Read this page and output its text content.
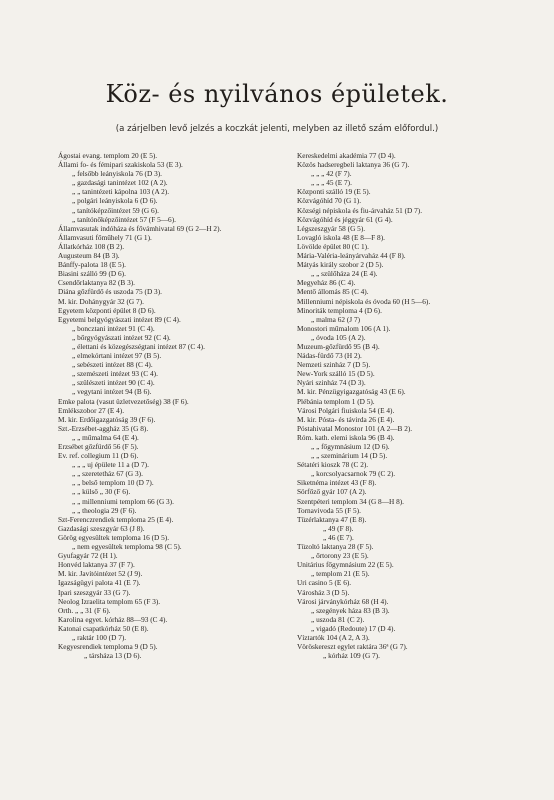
Köz- és nyilvános épületek.
(a zárjelben levő jelzés a koczkát jelenti, melyben az illető szám előfordul.)
Ágostai evang. templom 20 (E 5).
Állami fo- és fémipari szakiskola 53 (E 3).
„ felsőbb leányiskola 76 (D 3).
„ gazdasági tanintézet 102 (A 2).
„ „ tanintézeti kápolna 103 (A 2).
„ polgári leányiskola 6 (D 6).
„ tanítóképzőintézet 59 (G 6).
„ tanítónőképzőintézet 57 (F 5—6).
Államvasutak indóháza és fővámhivatal 69 (G 2—H 2).
Államvasuti főműhely 71 (G 1).
Állatkórház 108 (B 2).
Augusteum 84 (B 3).
Bánffy-palota 18 (E 5).
Biasini szálló 99 (D 6).
Csendőrlaktanya 82 (B 3).
Diána gőzfürdő és uszoda 75 (D 3).
M. kir. Dohánygyár 32 (G 7).
Egyetem központi épület 8 (D 6).
Egyetemi belgyógyászati intézet 89 (C 4).
„ boncztani intézet 91 (C 4).
„ bőrgyógyászati intézet 92 (C 4).
„ élettani és közegészségtani intézet 87 (C 4).
„ elmekórtani intézet 97 (B 5).
„ sebészeti intézet 88 (C 4).
„ szemészeti intézet 93 (C 4).
„ szülészeti intézet 90 (C 4).
„ vegytani intézet 94 (B 6).
Emke palota (vasut üzletvezetőség) 38 (F 6).
Emlékszobor 27 (E 4).
M. kir. Erdőigazgatóság 39 (F 6).
Szt.-Erzsébet-aggház 35 (G 8).
„ „ műmalma 64 (E 4).
Erzsébet gőzfürdő 56 (F 5).
Ev. ref. collegium 11 (D 6).
„ „ „ uj épülete 11 a (D 7).
„ „ szeretetház 67 (G 3).
„ „ belső templom 10 (D 7).
„ „ külső „ 30 (F 6).
„ „ millenniumi templom 66 (G 3).
„ „ theologia 29 (F 6).
Szt-Ferenczrendiek temploma 25 (E 4).
Gazdasági szeszgyár 63 (J 8).
Görög egyesültek temploma 16 (D 5).
„ nem egyesültek temploma 98 (C 5).
Gyufagyár 72 (H 1).
Honvéd laktanya 37 (F 7).
M. kir. Javítóintézet 52 (J 9).
Igazságügyi palota 41 (E 7).
Ipari szeszgyár 33 (G 7).
Neolog Izraelita templom 65 (F 3).
Orth. „ „ 31 (F 6).
Karolina egyet. kórház 88—93 (C 4).
Katonai csapatkórház 50 (E 8).
„ raktár 100 (D 7).
Kegyesrendiek temploma 9 (D 5).
„ társháza 13 (D 6).
Kereskedelmi akadémia 77 (D 4).
Közös hadseregbeli laktanya 36 (G 7).
„ „ „ 42 (F 7).
„ „ „ 45 (E 7).
Központi szálló 19 (E 5).
Közvágóhíd 70 (G 1).
Községi népiskola és fiu-árvaház 51 (D 7).
Közvágóhíd és jéggyár 61 (G 4).
Légszeszgyár 58 (G 5).
Lovagló iskola 48 (E 8—F 8).
Lövölde épület 80 (C 1).
Mária-Valéria-leányárvaház 44 (F 8).
Mátyás király szobor 2 (D 5).
„ „ szülőháza 24 (E 4).
Megyeház 86 (C 4).
Mentő állomás 85 (C 4).
Millenniumi népiskola és óvoda 60 (H 5—6).
Minoriták temploma 4 (D 6).
„ malma 62 (J 7)
Monostori műmalom 106 (A 1).
„ óvoda 105 (A 2).
Muzeum-gőzfürdő 95 (B 4).
Nádas-fürdő 73 (H 2).
Nemzeti szinház 7 (D 5).
New-York szálló 15 (D 5).
Nyári szinház 74 (D 3).
M. kir. Pénzügyigazgatóság 43 (E 6).
Plébánia templom 1 (D 5).
Városi Polgári fiuiskola 54 (E 4).
M. kir. Pósta- és távirda 26 (E 4).
Póstahivatal Monostor 101 (A 2—B 2).
Róm. kath. elemi iskola 96 (B 4).
„ „ főgymnásium 12 (D 6).
„ „ szeminárium 14 (D 5).
Sétatéri kioszk 78 (C 2).
„ korcsolyacsarnok 79 (C 2).
Siketnéma intézet 43 (F 8).
Sörfőző gyár 107 (A 2).
Szentpéteri templom 34 (G 8—H 8).
Tornavivoda 55 (F 5).
Tüzérlaktanya 47 (E 8).
„ 49 (F 8).
„ 46 (E 7).
Tüzoltó laktanya 28 (F 5).
„ őrtorony 23 (E 5).
Unitárius főgymnásium 22 (E 5).
„ templom 21 (E 5).
Uri casino 5 (E 6).
Városház 3 (D 5).
Városi járványkórház 68 (H 4).
„ szegények háza 83 (B 3).
„ uszoda 81 (C 2).
„ vigadó (Redoute) 17 (D 4).
Víztartók 104 (A 2, A 3).
Vöröskereszt egylet raktára 36ª (G 7).
„ kórház 109 (G 7).
